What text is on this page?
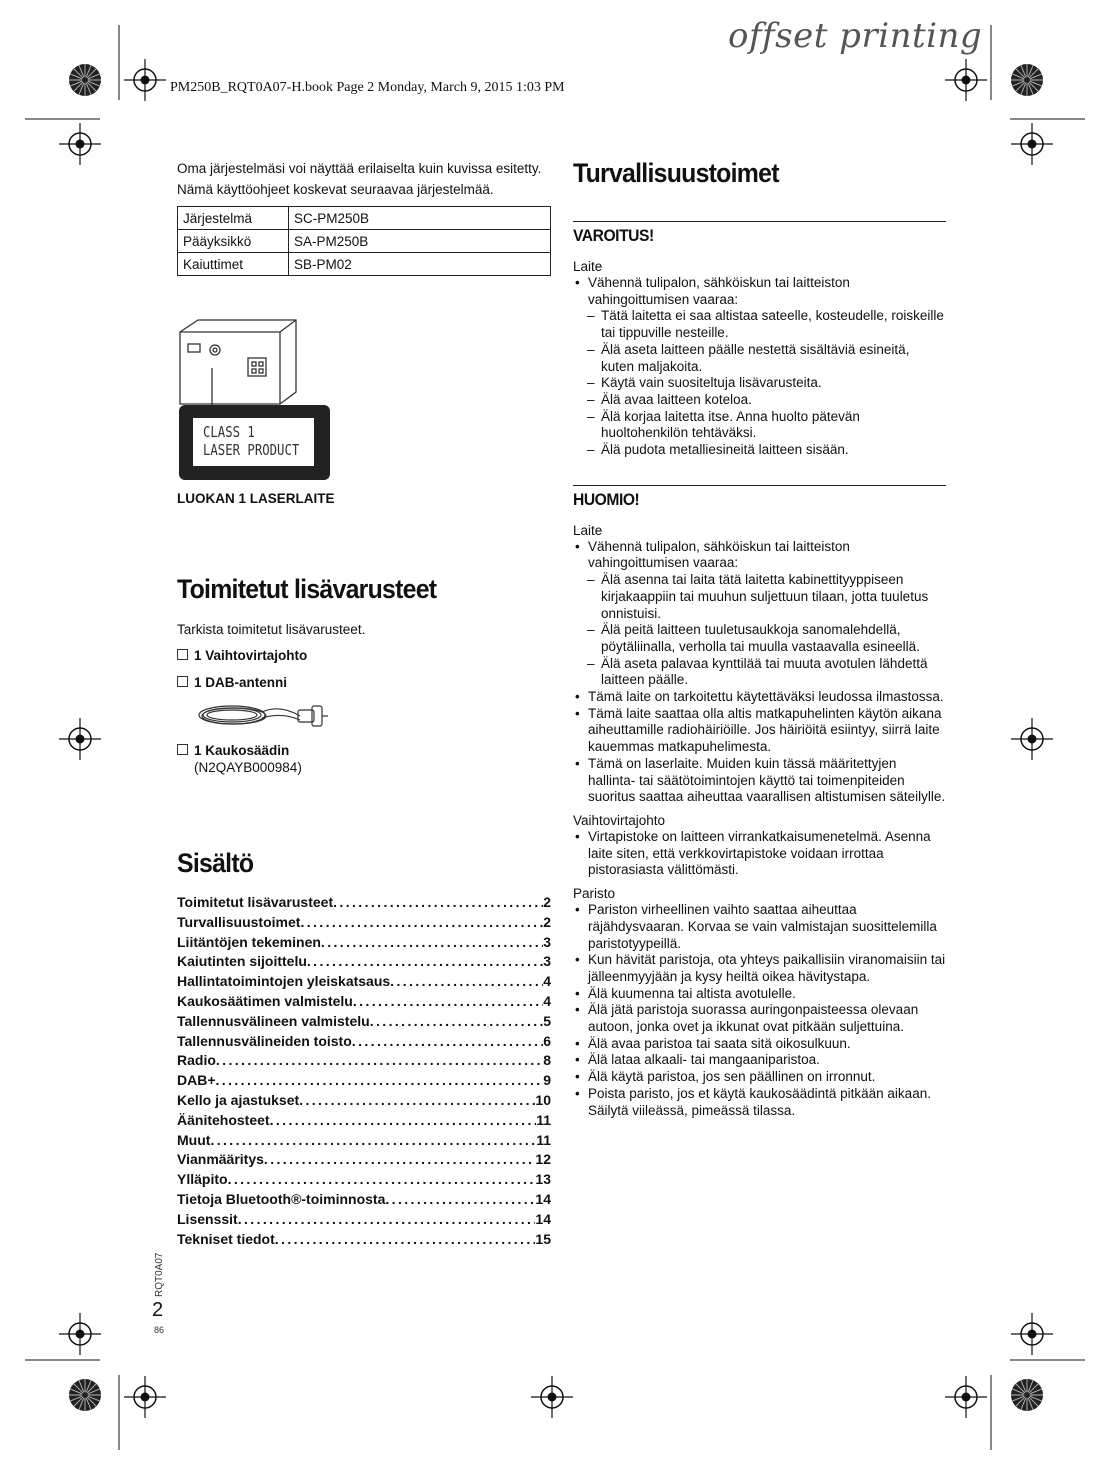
offset printing
PM250B_RQT0A07-H.book Page 2 Monday, March 9, 2015 1:03 PM

Oma järjestelmäsi voi näyttää erilaiselta kuin kuvissa esitetty.

Nämä käyttöohjeet koskevat seuraavaa järjestelmää.

Järjestelmä	SC-PM250B
Pääyksikkö	SA-PM250B
Kaiuttimet	SB-PM02
CLASS 1
LASER PRODUCT
LUOKAN 1 LASERLAITE
Toimitetut lisävarusteet

Tarkista toimitetut lisävarusteet.

1 Vaihtovirtajohto
1 DAB-antenni
1 Kaukosäädin
(N2QAYB000984)
Sisältö
Toimitetut lisävarusteet .....	2
Turvallisuustoimet .....	2
Liitäntöjen tekeminen .....	3
Kaiutinten sijoittelu .....	3
Hallintatoimintojen yleiskatsaus .....	4
Kaukosäätimen valmistelu .....	4
Tallennusvälineen valmistelu .....	5
Tallennusvälineiden toisto .....	6
Radio .....	8
DAB+ .....	9
Kello ja ajastukset .....	10
Äänitehosteet .....	11
Muut .....	11
Vianmääritys .....	12
Ylläpito .....	13
Tietoja Bluetooth®-toiminnosta .....	14
Lisenssit .....	14
Tekniset tiedot .....	15
RQT0A07
2
86
Turvallisuustoimet
VAROITUS!

Laite

• Vähennä tulipalon, sähköiskun tai laitteiston vahingoittumisen vaaraa:
– Tätä laitetta ei saa altistaa sateelle, kosteudelle, roiskeille tai tippuville nesteille.
– Älä aseta laitteen päälle nestettä sisältäviä esineitä, kuten maljakoita.
– Käytä vain suositeltuja lisävarusteita.
– Älä avaa laitteen koteloa.
– Älä korjaa laitetta itse. Anna huolto pätevän huoltohenkilön tehtäväksi.
– Älä pudota metalliesineitä laitteen sisään.
HUOMIO!

Laite

• Vähennä tulipalon, sähköiskun tai laitteiston vahingoittumisen vaaraa:
– Älä asenna tai laita tätä laitetta kabinettityyppiseen kirjakaappiin tai muuhun suljettuun tilaan, jotta tuuletus onnistuisi.
– Älä peitä laitteen tuuletusaukkoja sanomalehdellä, pöytäliinalla, verholla tai muulla vastaavalla esineellä.
– Älä aseta palavaa kynttilää tai muuta avotulen lähdettä laitteen päälle.
• Tämä laite on tarkoitettu käytettäväksi leudossa ilmastossa.
• Tämä laite saattaa olla altis matkapuhelinten käytön aikana aiheuttamille radiohäiriöille. Jos häiriöitä esiintyy, siirrä laite kauemmas matkapuhelimesta.
• Tämä on laserlaite. Muiden kuin tässä määritettyjen hallinta- tai säätötoimintojen käyttö tai toimenpiteiden suoritus saattaa aiheuttaa vaarallisen altistumisen säteilylle.

Vaihtovirtajohto

• Virtapistoke on laitteen virrankatkaisumenetelmä. Asenna laite siten, että verkkovirtapistoke voidaan irrottaa pistorasiasta välittömästi.

Paristo

• Pariston virheellinen vaihto saattaa aiheuttaa räjähdysvaaran. Korvaa se vain valmistajan suosittelemilla paristotyypeillä.
• Kun hävität paristoja, ota yhteys paikallisiin viranomaisiin tai jälleenmyyjään ja kysy heiltä oikea hävitystapa.
• Älä kuumenna tai altista avotulelle.
• Älä jätä paristoja suorassa auringonpaisteessa olevaan autoon, jonka ovet ja ikkunat ovat pitkään suljettuina.
• Älä avaa paristoa tai saata sitä oikosulkuun.
• Älä lataa alkaali- tai mangaaniparistoa.
• Älä käytä paristoa, jos sen päällinen on irronnut.
• Poista paristo, jos et käytä kaukosäädintä pitkään aikaan. Säilytä viileässä, pimeässä tilassa.
